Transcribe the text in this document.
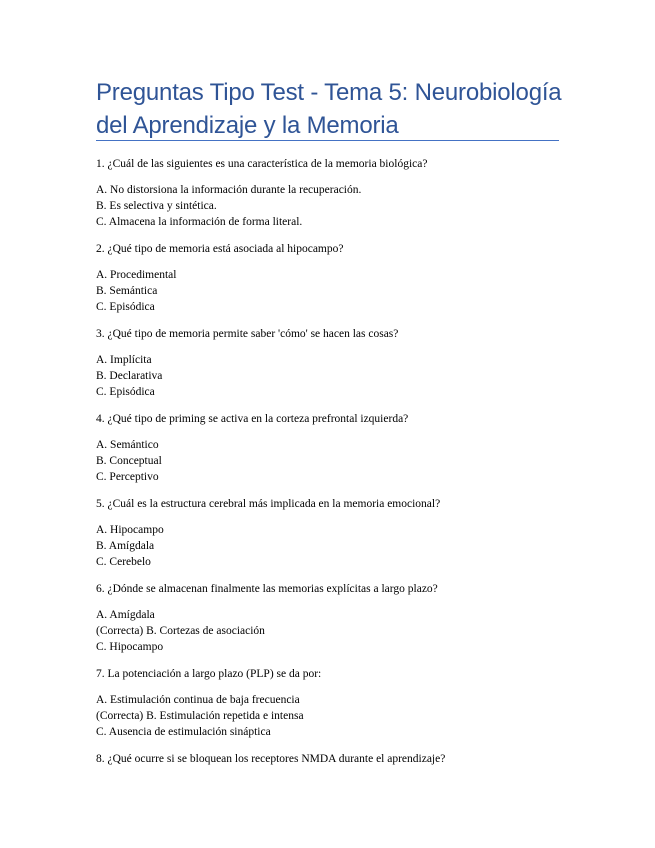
Preguntas Tipo Test - Tema 5: Neurobiología del Aprendizaje y la Memoria
1. ¿Cuál de las siguientes es una característica de la memoria biológica?
A. No distorsiona la información durante la recuperación.
B. Es selectiva y sintética.
C. Almacena la información de forma literal.
2. ¿Qué tipo de memoria está asociada al hipocampo?
A. Procedimental
B. Semántica
C. Episódica
3. ¿Qué tipo de memoria permite saber 'cómo' se hacen las cosas?
A. Implícita
B. Declarativa
C. Episódica
4. ¿Qué tipo de priming se activa en la corteza prefrontal izquierda?
A. Semántico
B. Conceptual
C. Perceptivo
5. ¿Cuál es la estructura cerebral más implicada en la memoria emocional?
A. Hipocampo
B. Amígdala
C. Cerebelo
6. ¿Dónde se almacenan finalmente las memorias explícitas a largo plazo?
A. Amígdala
(Correcta) B. Cortezas de asociación
C. Hipocampo
7. La potenciación a largo plazo (PLP) se da por:
A. Estimulación continua de baja frecuencia
(Correcta) B. Estimulación repetida e intensa
C. Ausencia de estimulación sináptica
8. ¿Qué ocurre si se bloquean los receptores NMDA durante el aprendizaje?
